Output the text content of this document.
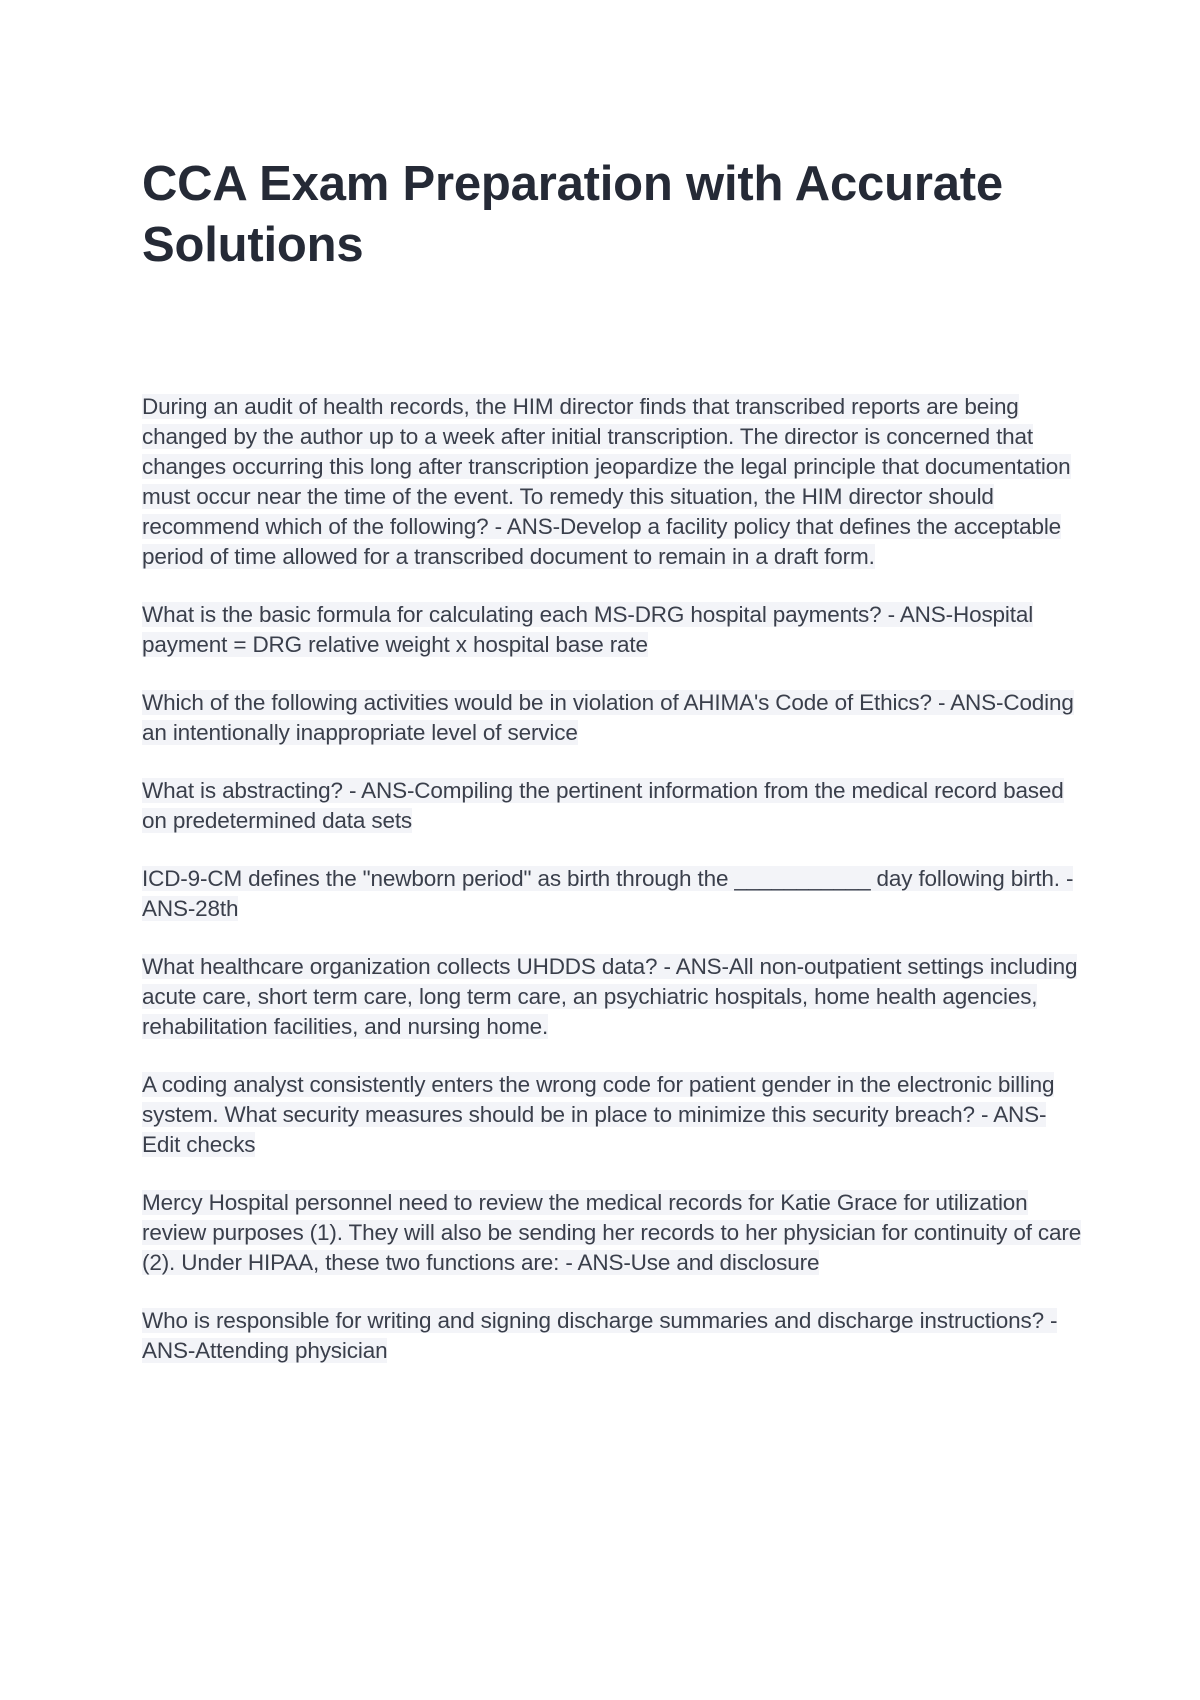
CCA Exam Preparation with Accurate Solutions

During an audit of health records, the HIM director finds that transcribed reports are being changed by the author up to a week after initial transcription. The director is concerned that changes occurring this long after transcription jeopardize the legal principle that documentation must occur near the time of the event. To remedy this situation, the HIM director should recommend which of the following? - ANS-Develop a facility policy that defines the acceptable period of time allowed for a transcribed document to remain in a draft form.

What is the basic formula for calculating each MS-DRG hospital payments? - ANS-Hospital payment = DRG relative weight x hospital base rate

Which of the following activities would be in violation of AHIMA's Code of Ethics? - ANS-Coding an intentionally inappropriate level of service

What is abstracting? - ANS-Compiling the pertinent information from the medical record based on predetermined data sets

ICD-9-CM defines the "newborn period" as birth through the ___________ day following birth. - ANS-28th

What healthcare organization collects UHDDS data? - ANS-All non-outpatient settings including acute care, short term care, long term care, an psychiatric hospitals, home health agencies, rehabilitation facilities, and nursing home.

A coding analyst consistently enters the wrong code for patient gender in the electronic billing system. What security measures should be in place to minimize this security breach? - ANS-Edit checks

Mercy Hospital personnel need to review the medical records for Katie Grace for utilization review purposes (1). They will also be sending her records to her physician for continuity of care (2). Under HIPAA, these two functions are: - ANS-Use and disclosure

Who is responsible for writing and signing discharge summaries and discharge instructions? - ANS-Attending physician
